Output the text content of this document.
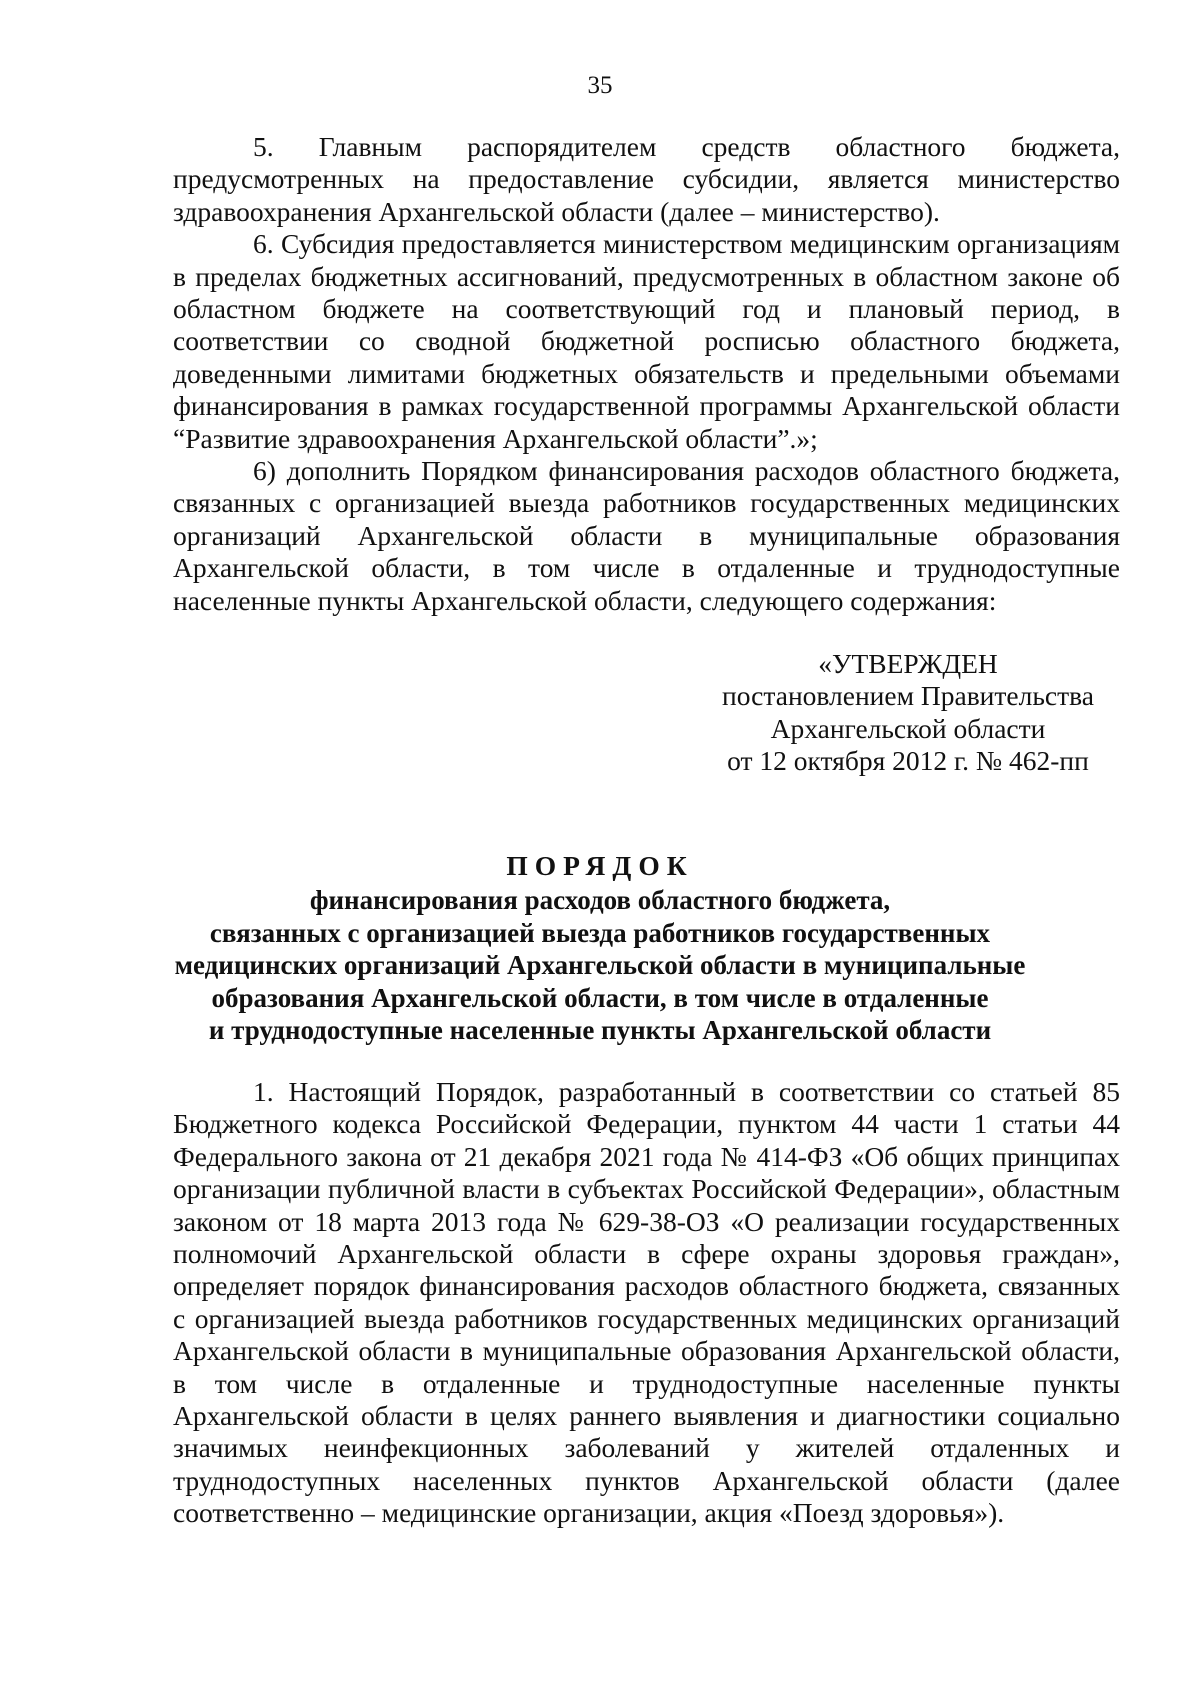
35

5. Главным распорядителем средств областного бюджета, предусмотренных на предоставление субсидии, является министерство здравоохранения Архангельской области (далее – министерство).

6. Субсидия предоставляется министерством медицинским организациям в пределах бюджетных ассигнований, предусмотренных в областном законе об областном бюджете на соответствующий год и плановый период, в соответствии со сводной бюджетной росписью областного бюджета, доведенными лимитами бюджетных обязательств и предельными объемами финансирования в рамках государственной программы Архангельской области “Развитие здравоохранения Архангельской области”.»;

6) дополнить Порядком финансирования расходов областного бюджета, связанных с организацией выезда работников государственных медицинских организаций Архангельской области в муниципальные образования Архангельской области, в том числе в отдаленные и труднодоступные населенные пункты Архангельской области, следующего содержания:

«УТВЕРЖДЕН
постановлением Правительства
Архангельской области
от 12 октября 2012 г. № 462-пп
ПОРЯДОК
финансирования расходов областного бюджета,
связанных с организацией выезда работников государственных
медицинских организаций Архангельской области в муниципальные
образования Архангельской области, в том числе в отдаленные
и труднодоступные населенные пункты Архангельской области

1. Настоящий Порядок, разработанный в соответствии со статьей 85 Бюджетного кодекса Российской Федерации, пунктом 44 части 1 статьи 44 Федерального закона от 21 декабря 2021 года № 414-ФЗ «Об общих принципах организации публичной власти в субъектах Российской Федерации», областным законом от 18 марта 2013 года № 629-38-ОЗ «О реализации государственных полномочий Архангельской области в сфере охраны здоровья граждан», определяет порядок финансирования расходов областного бюджета, связанных с организацией выезда работников государственных медицинских организаций Архангельской области в муниципальные образования Архангельской области, в том числе в отдаленные и труднодоступные населенные пункты Архангельской области в целях раннего выявления и диагностики социально значимых неинфекционных заболеваний у жителей отдаленных и труднодоступных населенных пунктов Архангельской области (далее соответственно – медицинские организации, акция «Поезд здоровья»).
